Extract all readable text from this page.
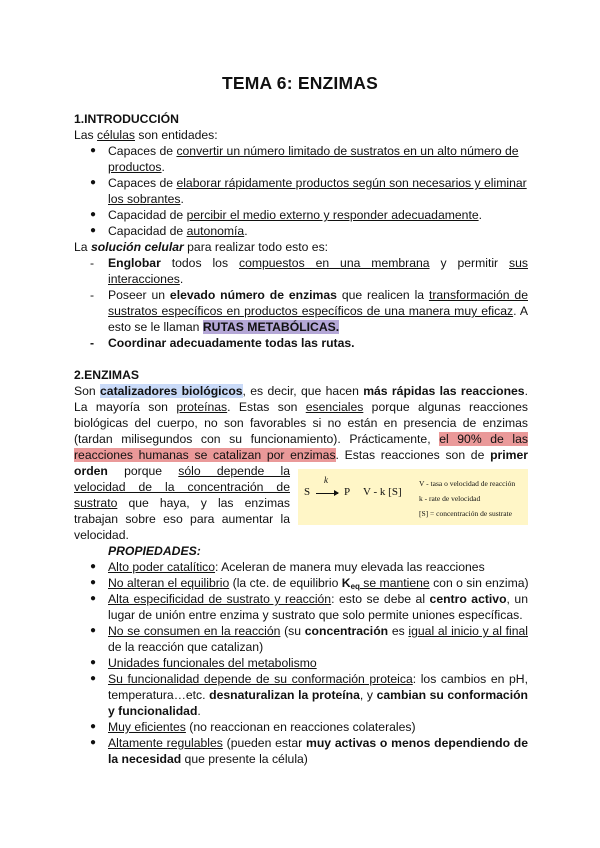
TEMA 6: ENZIMAS
1.INTRODUCCIÓN
Las células son entidades:
● Capaces de convertir un número limitado de sustratos en un alto número de
productos.
● Capaces de elaborar rápidamente productos según son necesarios y eliminar
los sobrantes.
● Capacidad de percibir el medio externo y responder adecuadamente.
● Capacidad de autonomía.
La solución celular para realizar todo esto es:
- Englobar todos los compuestos en una membrana y permitir sus
interacciones.
- Poseer un elevado número de enzimas que realicen la transformación de
sustratos específicos en productos específicos de una manera muy eficaz. A
esto se le llaman RUTAS METABÓLICAS.
- Coordinar adecuadamente todas las rutas.
2.ENZIMAS
Son catalizadores biológicos, es decir, que hacen más rápidas las reacciones.
La mayoría son proteínas. Estas son esenciales porque algunas reacciones
biológicas del cuerpo, no son favorables si no están en presencia de enzimas
(tardan milisegundos con su funcionamiento). Prácticamente, el 90% de las
reacciones humanas se catalizan por enzimas. Estas reacciones son de primer
orden porque sólo depende la
velocidad de la concentración de
sustrato que haya, y las enzimas
trabajan sobre eso para aumentar la
velocidad.
S
k
→ P V - k [S]
V - tasa o velocidad de reacción
k - rate de velocidad
[S] = concentración de sustrate
PROPIEDADES:
● Alto poder catalítico: Aceleran de manera muy elevada las reacciones
● No alteran el equilibrio (la cte. de equilibrio $K_{eq}$ se mantiene con o sin enzima)
● Alta especificidad de sustrato y reacción: esto se debe al centro activo, un
lugar de unión entre enzima y sustrato que solo permite uniones específicas.
● No se consumen en la reacción (su concentración es igual al inicio y al final
de la reacción que catalizan)
● Unidades funcionales del metabolismo
● Su funcionalidad depende de su conformación proteica: los cambios en pH,
temperatura…etc. desnaturalizan la proteína, y cambian su conformación
y funcionalidad.
● Muy eficientes (no reaccionan en reacciones colaterales)
● Altamente regulables (pueden estar muy activas o menos dependiendo de
la necesidad que presente la célula)
